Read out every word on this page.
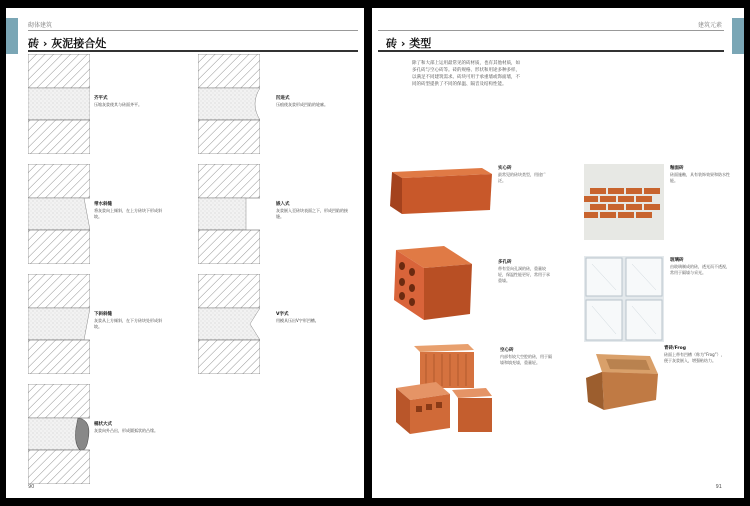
砌体建筑
砖 › 灰泥接合处
齐平式
压缩灰浆使其与砖面齐平。
凹进式
压痕使灰浆形成凹陷的轮廓。
带水斜缝
将灰浆向上倾斜，在上方砖块下形成斜坡。
嵌入式
灰浆嵌入至砖块表面之下，形成凹陷的接缝。
下斜斜缝
灰浆从上方倾斜，在下方砖块处形成斜坡。
V字式
用模具压出V字形凹槽。
桶状大式
灰浆向外凸出，形成圆弧状的凸缘。
90
建筑元素
砖 › 类型
除了和大部上运用最常见的砖材质，也有其他材质，如多孔砖与空心砖等。砖的规格、形状和用途多种多样，以满足不同建筑需求。砖块可用于承重墙或饰面墙，不同的砖型提供了不同的保温、隔音及结构性能。
实心砖
最常见的砖块类型，用途广泛。
釉面砖
砖面施釉，具有装饰效果和防水性能。
多孔砖
带有竖向孔洞的砖，重量较轻，保温性能更好，常用于承重墙。
玻璃砖
由玻璃制成的砖，透光而不透视，常用于隔墙与采光。
空心砖
内部有较大空腔的砖，用于隔墙和填充墙，重量轻。
青砖/Frog
砖面上带有凹槽（称为“Frog”），便于灰浆嵌入，增强粘结力。
91
